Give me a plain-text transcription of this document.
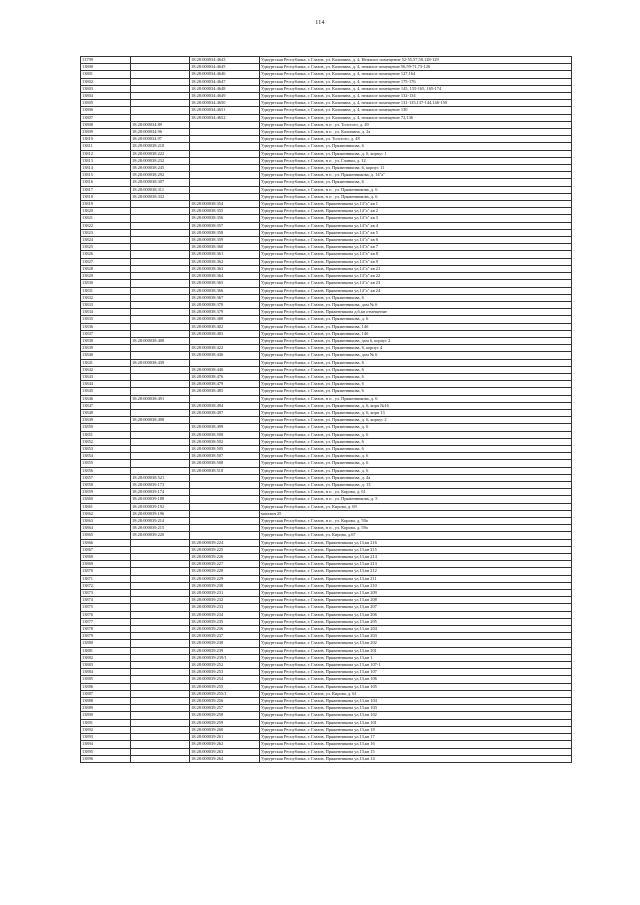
114
13799		18:28:000034:4643	Удмуртская Республика, г. Глазов, ул. Калинина, д. 4, Нежилое помещение 52-55,57,58,128-129
13800		18:28:000034:4645	Удмуртская Республика, г. Глазов, ул. Калинина, д. 4, нежилое помещение 56,59-71,73-126
13801		18:28:000034:4646	Удмуртская Республика, г. Глазов, ул. Калинина, д. 4, нежилое помещение 127,164
13802		18:28:000034:4647	Удмуртская Республика, г. Глазов, ул. Калинина, д. 4, нежилое помещение 175-176
13803		18:28:000034:4648	Удмуртская Республика, г. Глазов, ул. Калинина, д. 4, нежилое помещение 145, 155-165, 165-174
13804		18:28:000034:4649	Удмуртская Республика, г. Глазов, ул. Калинина, д. 4, нежилое помещение 132-134
13805		18:28:000034:4650	Удмуртская Республика, г. Глазов, ул. Калинина, д. 4, нежилое помещение 131-135,137-144,146-150
13806		18:28:000034:4651	Удмуртская Республика, г. Глазов, ул. Калинина, д. 4, нежилое помещение 130
13807		18:28:000034:4652	Удмуртская Республика, г. Глазов, ул. Калинина, д. 4, нежилое помещение 72,136
13808	18:28:000034:89		Удмуртская Республика, г. Глазов, н п , ул. Толстого, д. 49
13809	18:28:000034:96		Удмуртская Республика, г. Глазов, н п , ул. Калинина, д. 2а
13810	18:28:000034:97		Удмуртская Республика, г. Глазов, ул. Толстого, д. 48
13811	18:28:000038:218		Удмуртская Республика, г. Глазов, ул. Пряженникова, 6
13812	18:28:000038:222		Удмуртская Республика, г. Глазов, ул. Пряженникова, д. 6, корпус 1
13813	18:28:000038:232		Удмуртская Республика, г. Глазов, н п , ул. Глинки, д. 12
13814	18:28:000038:245		Удмуртская Республика, г. Глазов, ул. Пряженникова, 6, корпус 11
13815	18:28:000038:292		Удмуртская Республика, г. Глазов, н п , ул. Пряженникова, д. 14"а"
13816	18:28:000038:307		Удмуртская Республика, г. Глазов, ул. Пряженникова, 6
13817	18:28:000038:311		Удмуртская Республика, г. Глазов, н п , ул. Пряженникова, д. 6
13818	18:28:000038:332		Удмуртская Республика, г. Глазов, н п , ул. Пряженникова, д. 6
13819		18:28:000038:354	Удмуртская Республика, г. Глазов, Пряженникова ул,14"а" кв 1
13820		18:28:000038:355	Удмуртская Республика, г. Глазов, Пряженникова ул,14"а" кв 2
13821		18:28:000038:356	Удмуртская Республика, г. Глазов, Пряженникова ул,14"а" кв 3
13822		18:28:000038:357	Удмуртская Республика, г. Глазов, Пряженникова ул,14"а" кв 4
13823		18:28:000038:358	Удмуртская Республика, г. Глазов, Пряженникова ул,14"а" кв 5
13824		18:28:000038:359	Удмуртская Республика, г. Глазов, Пряженникова ул,14"а" кв 6
13825		18:28:000038:360	Удмуртская Республика, г. Глазов, Пряженникова ул,14"а" кв 7
13826		18:28:000038:361	Удмуртская Республика, г. Глазов, Пряженникова ул,14"а" кв 8
13827		18:28:000038:362	Удмуртская Республика, г. Глазов, Пряженникова ул,14"а" кв 9
13828		18:28:000038:363	Удмуртская Республика, г. Глазов, Пряженникова ул,14"а" кв 21
13829		18:28:000038:364	Удмуртская Республика, г. Глазов, Пряженникова ул,14"а" кв 22
13830		18:28:000038:365	Удмуртская Республика, г. Глазов, Пряженникова ул,14"а" кв 23
13831		18:28:000038:366	Удмуртская Республика, г. Глазов, Пряженникова ул,14"а" кв 24
13832		18:28:000038:367	Удмуртская Республика, г. Глазов, ул. Пряженникова, 6
13833		18:28:000038:378	Удмуртская Республика, г. Глазов, ул. Пряженникова, дом № 6
13834		18:28:000038:379	Удмуртская Республика, г. Глазов, Пряженникова д.6,кв отмещение
13835		18:28:000038:380	Удмуртская Республика, г. Глазов, ул. Пряженникова, д. 6
13836		18:28:000038:402	Удмуртская Республика, г. Глазов, ул. Пряженникова, 14б
13837		18:28:000038:403	Удмуртская Республика, г. Глазов, ул. Пряженникова, 14б
13838	18:28:000038:408		Удмуртская Республика, г. Глазов, ул. Пряженникова, дом 6, корпус 2
13839		18:28:000038:422	Удмуртская Республика, г. Глазов, ул. Пряженникова, 6, корпус 4
13840		18:28:000038:436	Удмуртская Республика, г. Глазов, ул. Пряженникова, дом № 6
13841	18:28:000038:439		Удмуртская Республика, г. Глазов, ул. Пряженникова, 6
13842		18:28:000038:446	Удмуртская Республика, г. Глазов, ул. Пряженникова, 6
13843		18:28:000038:476	Удмуртская Республика, г. Глазов, ул. Пряженникова, 6
13844		18:28:000038:479	Удмуртская Республика, г. Глазов, ул. Пряженникова, 6
13845		18:28:000038:485	Удмуртская Республика, г. Глазов, ул. Пряженникова, 6
13846	18:28:000038:491		Удмуртская Республика, г. Глазов, н п , ул. Пряженникова, д. 6
13847		18:28:000038:494	Удмуртская Республика, г. Глазов, ул. Пряженникова, д. 6, корп №16
13848		18:28:000038:497	Удмуртская Республика, г. Глазов, ул. Пряженникова, д. 6, корп 13
13849	18:28:000038:498		Удмуртская Республика, г. Глазов, ул. Пряженникова, д. 6, корпус 2
13850		18:28:000038:499	Удмуртская Республика, г. Глазов, ул. Пряженникова, д. 6
13851		18:28:000038:500	Удмуртская Республика, г. Глазов, ул. Пряженникова, д. 6
13852		18:28:000038:502	Удмуртская Республика, г. Глазов, ул. Пряженникова, 6
13853		18:28:000038:505	Удмуртская Республика, г. Глазов, ул. Пряженникова, 6
13854		18:28:000038:507	Удмуртская Республика, г. Глазов, ул. Пряженникова, д. 6
13855		18:28:000038:508	Удмуртская Республика, г. Глазов, ул. Пряженникова, д. 6
13856		18:28:000038:518	Удмуртская Республика, г. Глазов, ул. Пряженникова, д. 6
13857	18:28:000038:521		Удмуртская Республика, г. Глазов, ул. Пряженникова, д. 4а
13858	18:28:000039:173		Удмуртская Республика, г. Глазов, ул. Пряженникова, д. 13
13859	18:28:000039:174		Удмуртская Республика, г. Глазов, н п , ул. Кирова, д. 61
13860	18:28:000039:188		Удмуртская Республика, г. Глазов, н п , ул. Пряженникова, д. 5
13861	18:28:000039:192		Удмуртская Республика, г. Глазов, ул. Кирова, д. 69
13862	18:28:000039:196		магазин 25
13863	18:28:000039:214		Удмуртская Республика, г. Глазов, н п , ул. Кирова, д. 59а
13864	18:28:000039:215		Удмуртская Республика, г. Глазов, н п , ул. Кирова, д. 59а
13865	18:28:000039:220		Удмуртская Республика, г. Глазов, ул. Кирова, д.67
13866		18:28:000039:224	Удмуртская Республика, г. Глазов, Пряженникова ул,13,кв 216
13867		18:28:000039:225	Удмуртская Республика, г. Глазов, Пряженникова ул,13,кв 215
13868		18:28:000039:226	Удмуртская Республика, г. Глазов, Пряженникова ул,13,кв 214
13869		18:28:000039:227	Удмуртская Республика, г. Глазов, Пряженникова ул,13,кв 213
13870		18:28:000039:228	Удмуртская Республика, г. Глазов, Пряженникова ул,13,кв 212
13871		18:28:000039:229	Удмуртская Республика, г. Глазов, Пряженникова ул,13,кв 211
13872		18:28:000039:230	Удмуртская Республика, г. Глазов, Пряженникова ул,13,кв 210
13873		18:28:000039:231	Удмуртская Республика, г. Глазов, Пряженникова ул,13,кв 209
13874		18:28:000039:232	Удмуртская Республика, г. Глазов, Пряженникова ул,13,кв 208
13875		18:28:000039:233	Удмуртская Республика, г. Глазов, Пряженникова ул,13,кв 207
13876		18:28:000039:234	Удмуртская Республика, г. Глазов, Пряженникова ул,13,кв 206
13877		18:28:000039:235	Удмуртская Республика, г. Глазов, Пряженникова ул,13,кв 205
13878		18:28:000039:236	Удмуртская Республика, г. Глазов, Пряженникова ул,13,кв 204
13879		18:28:000039:237	Удмуртская Республика, г. Глазов, Пряженникова ул,13,кв 203
13880		18:28:000039:238	Удмуртская Республика, г. Глазов, Пряженникова ул,13,кв 202
13881		18:28:000039:239	Удмуртская Республика, г. Глазов, Пряженникова ул,13,кв 201
13882		18:28:000039:239/1	Удмуртская Республика, г. Глазов, Пряженникова ул,13,кв 1
13883		18:28:000039:252	Удмуртская Республика, г. Глазов, Пряженникова ул,13,кв 107-1
13884		18:28:000039:253	Удмуртская Республика, г. Глазов, Пряженникова ул,13,кв 107
13885		18:28:000039:254	Удмуртская Республика, г. Глазов, Пряженникова ул,13,кв 106
13886		18:28:000039:255	Удмуртская Республика, г. Глазов, Пряженникова ул,13,кв 105
13887		18:28:000039:255/1	Удмуртская Республика, г. Глазов, ул. Кирова, д. 61
13888		18:28:000039:256	Удмуртская Республика, г. Глазов, Пряженникова ул,13,кв 104
13889		18:28:000039:257	Удмуртская Республика, г. Глазов, Пряженникова ул,13,кв 103
13890		18:28:000039:258	Удмуртская Республика, г. Глазов, Пряженникова ул,13,кв 102
13891		18:28:000039:259	Удмуртская Республика, г. Глазов, Пряженникова ул,13,кв 101
13892		18:28:000039:260	Удмуртская Республика, г. Глазов, Пряженникова ул,13,кв 18
13893		18:28:000039:261	Удмуртская Республика, г. Глазов, Пряженникова ул,13,кв 17
13894		18:28:000039:262	Удмуртская Республика, г. Глазов, Пряженникова ул,13,кв 16
13895		18:28:000039:263	Удмуртская Республика, г. Глазов, Пряженникова ул,13,кв 15
13896		18:28:000039:264	Удмуртская Республика, г. Глазов, Пряженникова ул,13,кв 14
